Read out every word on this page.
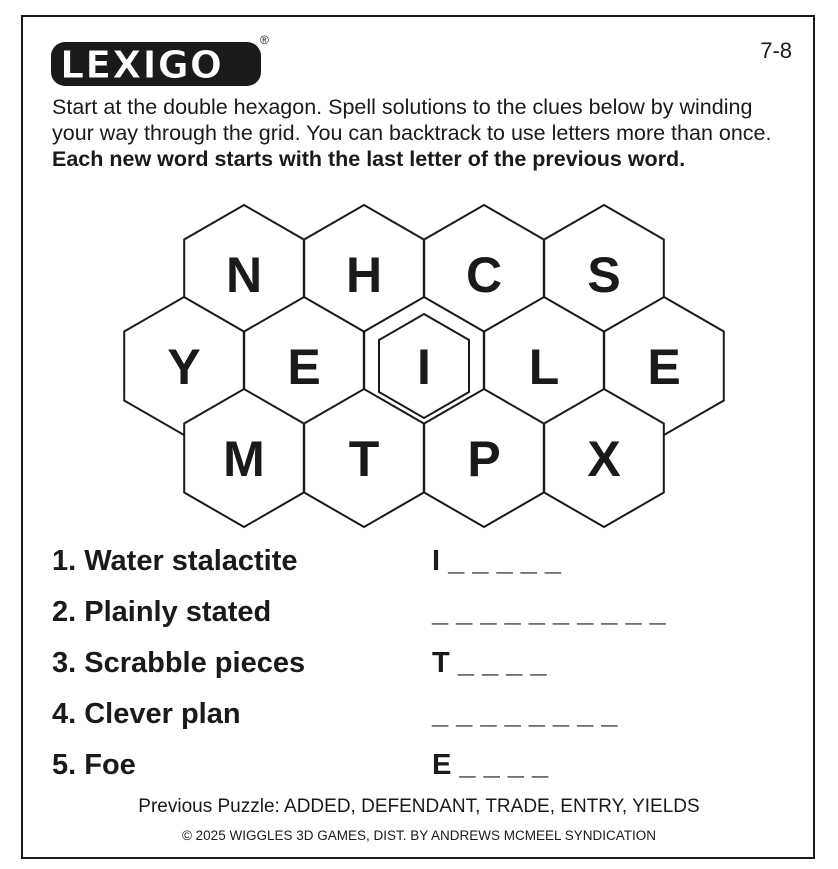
LEXIGO
®	7-8
Start at the double hexagon. Spell solutions to the clues below by winding your way through the grid. You can backtrack to use letters more than once. Each new word starts with the last letter of the previous word.
N H C S
Y E I L E
M T P X
1. Water stalactite	I _ _ _ _ _
2. Plainly stated	_ _ _ _ _ _ _ _ _ _
3. Scrabble pieces	T _ _ _ _
4. Clever plan	_ _ _ _ _ _ _ _
5. Foe	E _ _ _ _
Previous Puzzle: ADDED, DEFENDANT, TRADE, ENTRY, YIELDS
© 2025 WIGGLES 3D GAMES, DIST. BY ANDREWS MCMEEL SYNDICATION
